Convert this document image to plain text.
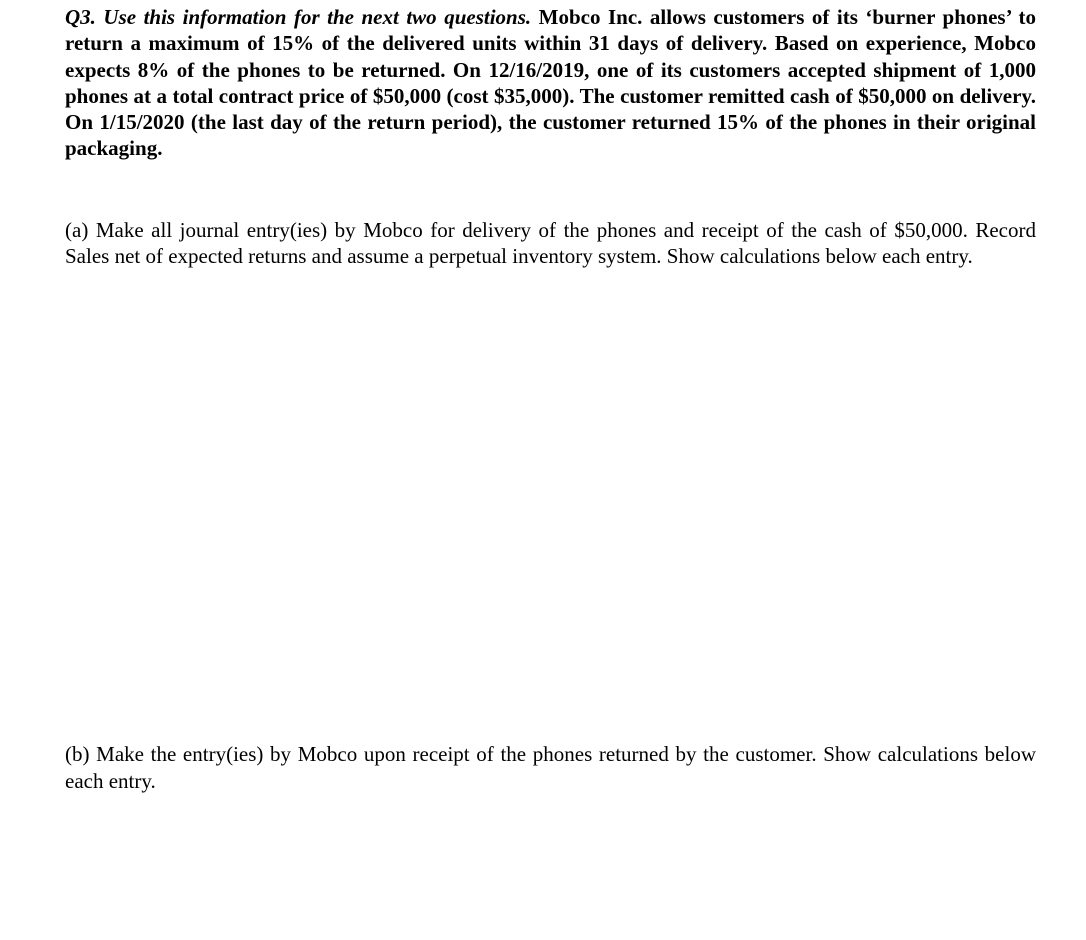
Q3. Use this information for the next two questions. Mobco Inc. allows customers of its ‘burner phones’ to return a maximum of 15% of the delivered units within 31 days of delivery. Based on experience, Mobco expects 8% of the phones to be returned. On 12/16/2019, one of its customers accepted shipment of 1,000 phones at a total contract price of $50,000 (cost $35,000). The customer remitted cash of $50,000 on delivery. On 1/15/2020 (the last day of the return period), the customer returned 15% of the phones in their original packaging.

(a) Make all journal entry(ies) by Mobco for delivery of the phones and receipt of the cash of $50,000. Record Sales net of expected returns and assume a perpetual inventory system. Show calculations below each entry.

(b) Make the entry(ies) by Mobco upon receipt of the phones returned by the customer. Show calculations below each entry.
